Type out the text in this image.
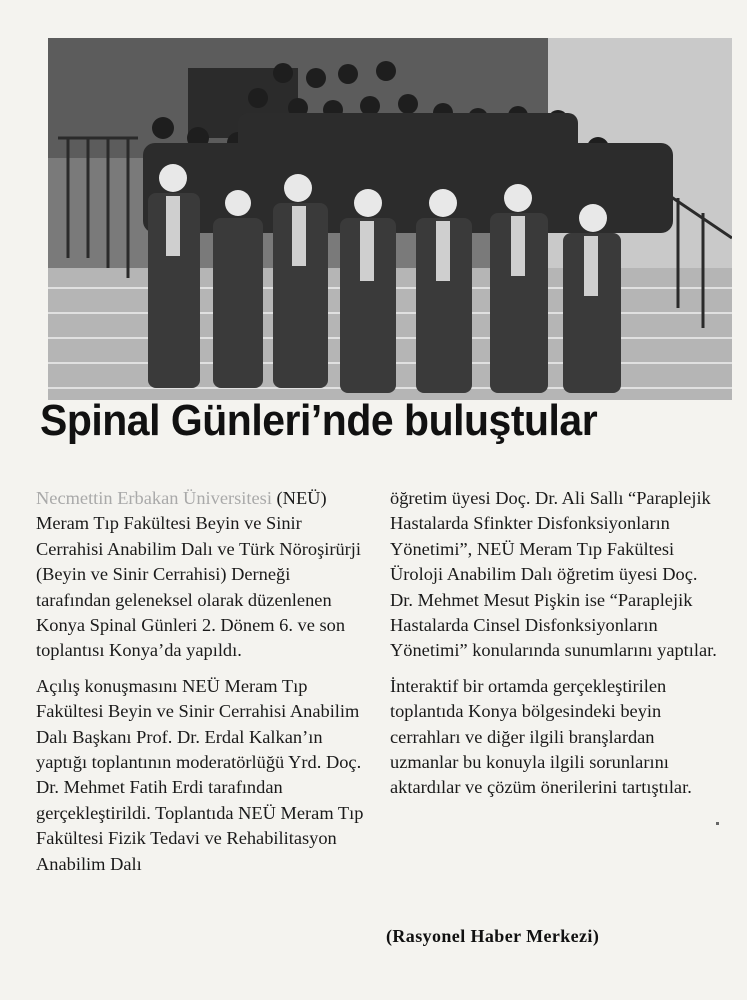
Spinal Günleri’nde buluştular

Necmettin Erbakan Üniversitesi (NEÜ) Meram Tıp Fakültesi Beyin ve Sinir Cerrahisi Anabilim Dalı ve Türk Nöroşirürji (Beyin ve Sinir Cerrahisi) Derneği tarafından geleneksel olarak düzenlenen Konya Spinal Günleri 2. Dönem 6. ve son toplantısı Konya’da yapıldı.

Açılış konuşmasını NEÜ Meram Tıp Fakültesi Beyin ve Sinir Cerrahisi Anabilim Dalı Başkanı Prof. Dr. Erdal Kalkan’ın yaptığı toplantının moderatörlüğü Yrd. Doç. Dr. Mehmet Fatih Erdi tarafından gerçekleştirildi. Toplantıda NEÜ Meram Tıp Fakültesi Fizik Tedavi ve Rehabilitasyon Anabilim Dalı

öğretim üyesi Doç. Dr. Ali Sallı “Paraplejik Hastalarda Sfinkter Disfonksiyonların Yönetimi”, NEÜ Meram Tıp Fakültesi Üroloji Anabilim Dalı öğretim üyesi Doç. Dr. Mehmet Mesut Pişkin ise “Paraplejik Hastalarda Cinsel Disfonksiyonların Yönetimi” konularında sunumlarını yaptılar.

İnteraktif bir ortamda gerçekleştirilen toplantıda Konya bölgesindeki beyin cerrahları ve diğer ilgili branşlardan uzmanlar bu konuyla ilgili sorunlarını aktardılar ve çözüm önerilerini tartıştılar.

(Rasyonel Haber Merkezi)
